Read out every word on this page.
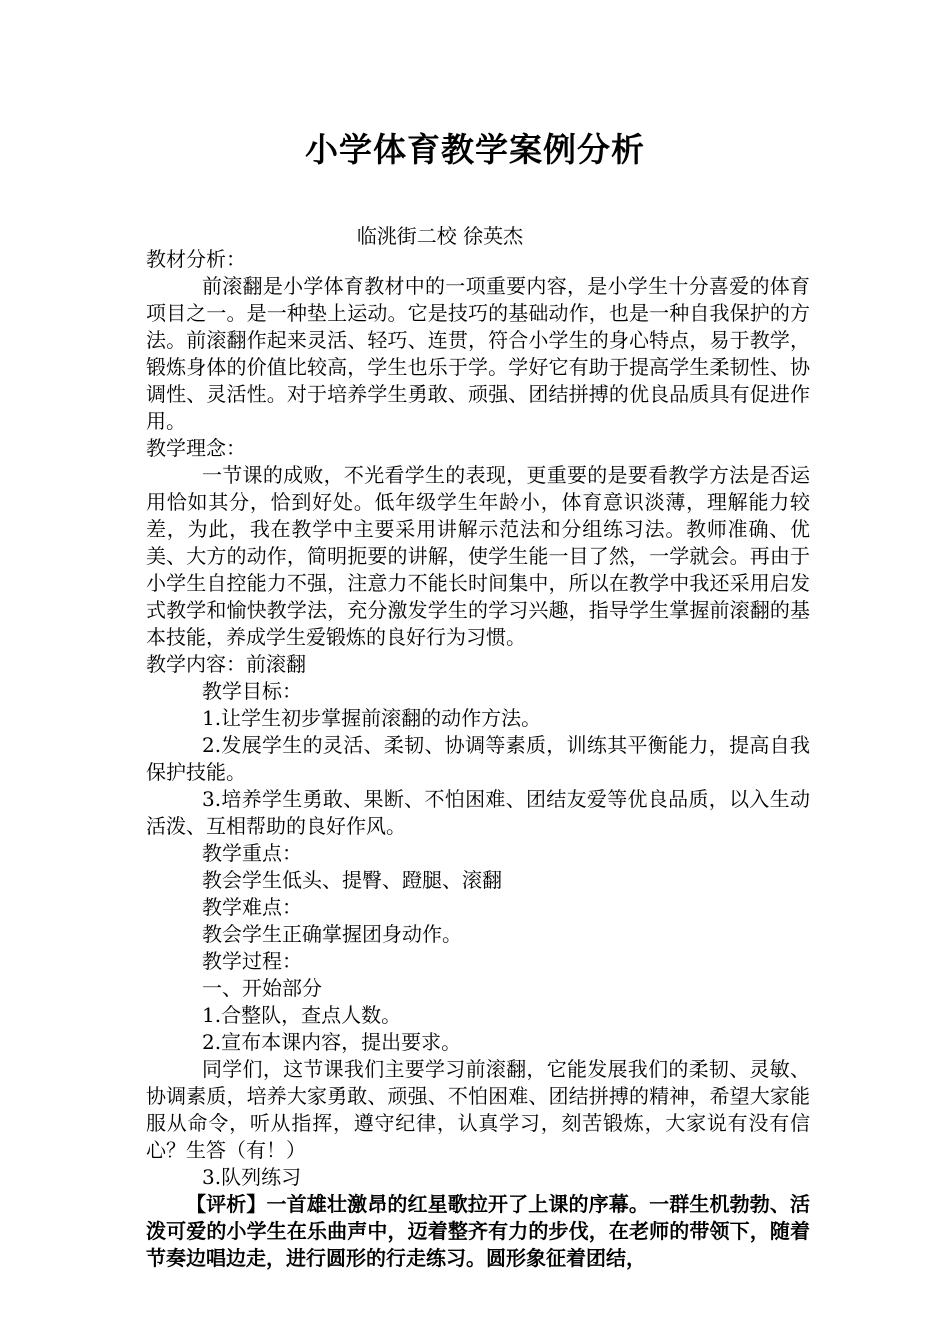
小学体育教学案例分析
临洮街二校 徐英杰

教材分析：

前滚翻是小学体育教材中的一项重要内容，是小学生十分喜爱的体育项目之一。是一种垫上运动。它是技巧的基础动作，也是一种自我保护的方法。前滚翻作起来灵活、轻巧、连贯，符合小学生的身心特点，易于教学，锻炼身体的价值比较高，学生也乐于学。学好它有助于提高学生柔韧性、协调性、灵活性。对于培养学生勇敢、顽强、团结拼搏的优良品质具有促进作用。

教学理念：

一节课的成败，不光看学生的表现，更重要的是要看教学方法是否运用恰如其分，恰到好处。低年级学生年龄小，体育意识淡薄，理解能力较差，为此，我在教学中主要采用讲解示范法和分组练习法。教师准确、优美、大方的动作，简明扼要的讲解，使学生能一目了然，一学就会。再由于小学生自控能力不强，注意力不能长时间集中，所以在教学中我还采用启发式教学和愉快教学法，充分激发学生的学习兴趣，指导学生掌握前滚翻的基本技能，养成学生爱锻炼的良好行为习惯。

教学内容：前滚翻

教学目标：

1.让学生初步掌握前滚翻的动作方法。

2.发展学生的灵活、柔韧、协调等素质，训练其平衡能力，提高自我保护技能。

3.培养学生勇敢、果断、不怕困难、团结友爱等优良品质，以入生动活泼、互相帮助的良好作风。

教学重点：

教会学生低头、提臀、蹬腿、滚翻

教学难点：

教会学生正确掌握团身动作。

教学过程：

一、开始部分

1.合整队，查点人数。

2.宣布本课内容，提出要求。

同学们，这节课我们主要学习前滚翻，它能发展我们的柔韧、灵敏、协调素质，培养大家勇敢、顽强、不怕困难、团结拼搏的精神，希望大家能服从命令，听从指挥，遵守纪律，认真学习，刻苦锻炼，大家说有没有信心？生答（有！）

3.队列练习

【评析】一首雄壮激昂的红星歌拉开了上课的序幕。一群生机勃勃、活泼可爱的小学生在乐曲声中，迈着整齐有力的步伐，在老师的带领下，随着节奏边唱边走，进行圆形的行走练习。圆形象征着团结，
